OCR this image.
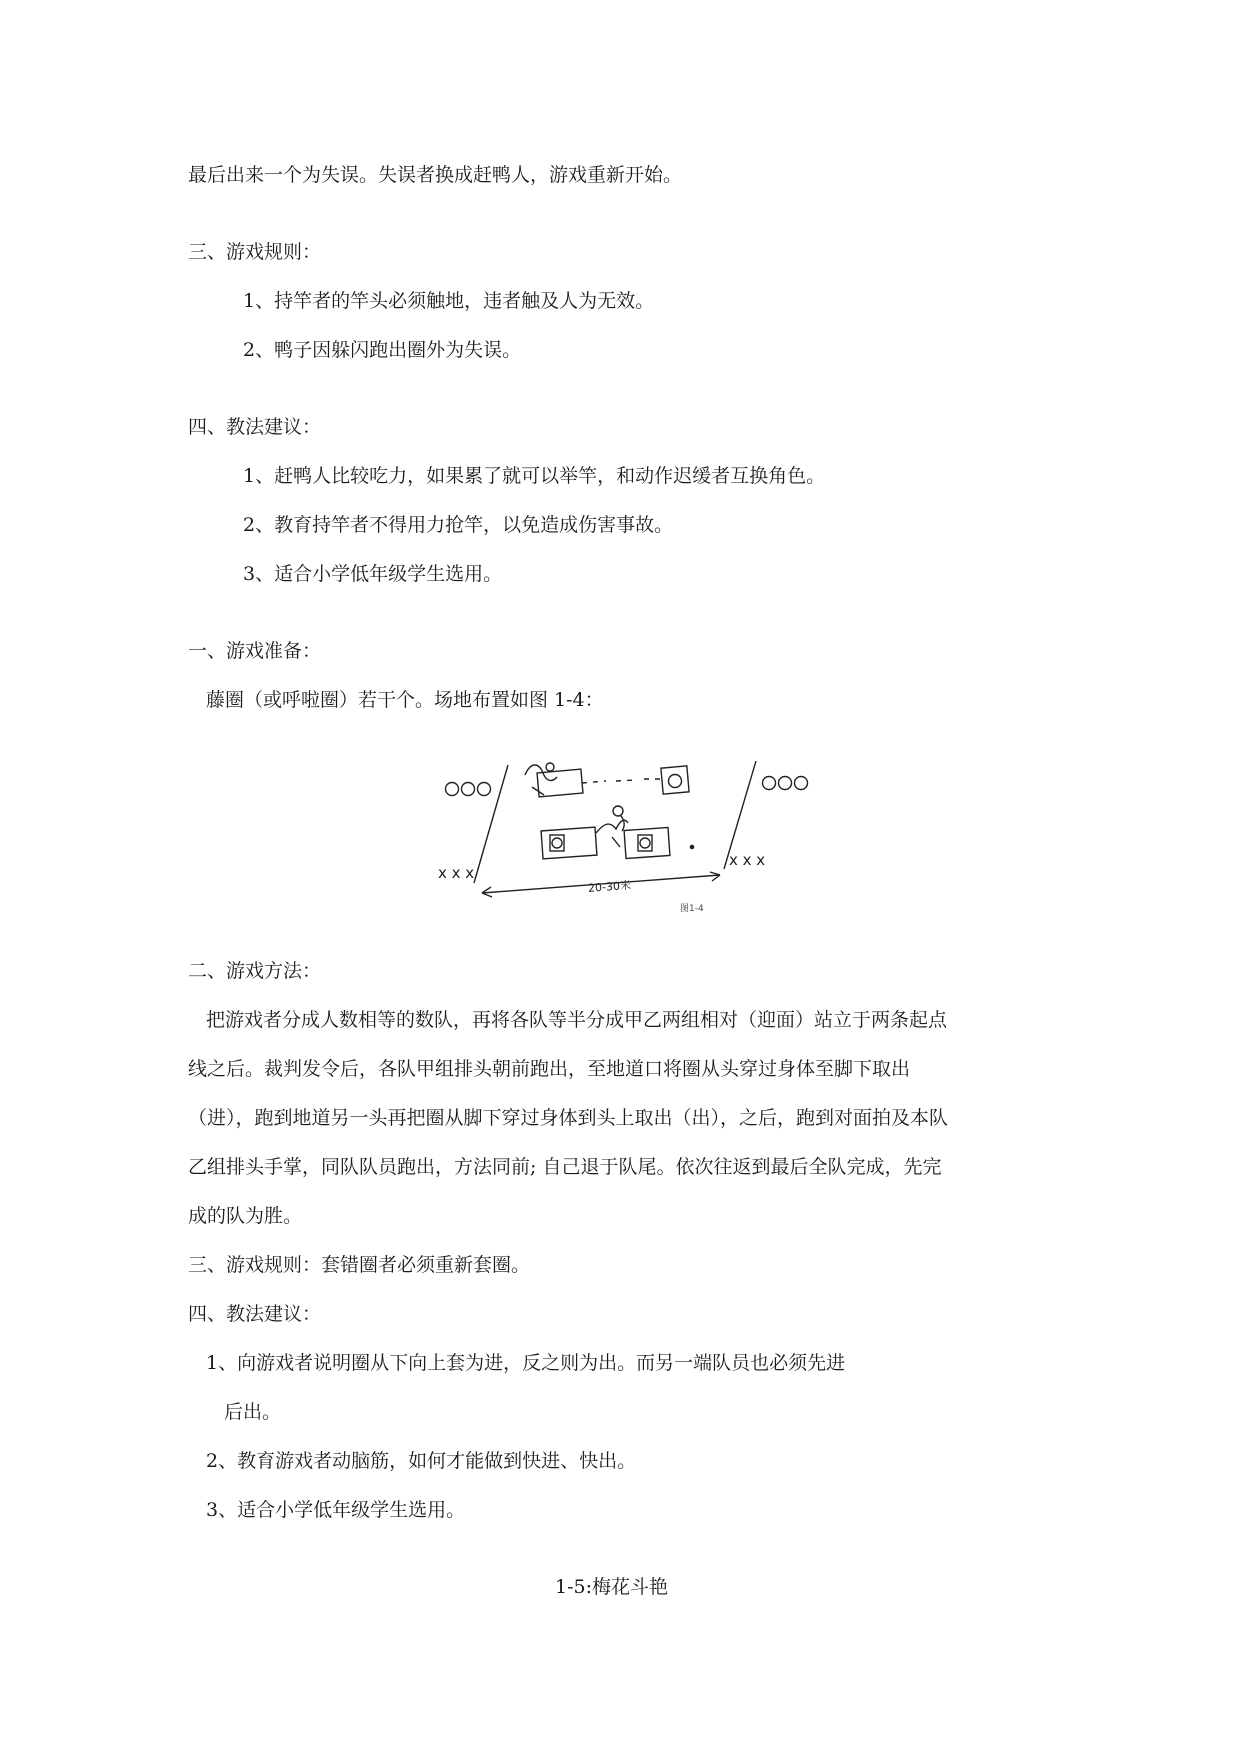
最后出来一个为失误。失误者换成赶鸭人，游戏重新开始。
三、游戏规则：
1、持竿者的竿头必须触地，违者触及人为无效。
2、鸭子因躲闪跑出圈外为失误。
四、教法建议：
1、赶鸭人比较吃力，如果累了就可以举竿，和动作迟缓者互换角色。
2、教育持竿者不得用力抢竿，以免造成伤害事故。
3、适合小学低年级学生选用。
一、游戏准备：
藤圈（或呼啦圈）若干个。场地布置如图 1-4：
x x x
x x x
20-30米
图1-4
二、游戏方法：
把游戏者分成人数相等的数队，再将各队等半分成甲乙两组相对（迎面）站立于两条起点
线之后。裁判发令后，各队甲组排头朝前跑出，至地道口将圈从头穿过身体至脚下取出
（进），跑到地道另一头再把圈从脚下穿过身体到头上取出（出），之后，跑到对面拍及本队
乙组排头手掌，同队队员跑出，方法同前; 自己退于队尾。依次往返到最后全队完成，先完
成的队为胜。
三、游戏规则：套错圈者必须重新套圈。
四、教法建议：
1、向游戏者说明圈从下向上套为进，反之则为出。而另一端队员也必须先进
后出。
2、教育游戏者动脑筋，如何才能做到快进、快出。
3、适合小学低年级学生选用。
1-5:梅花斗艳
